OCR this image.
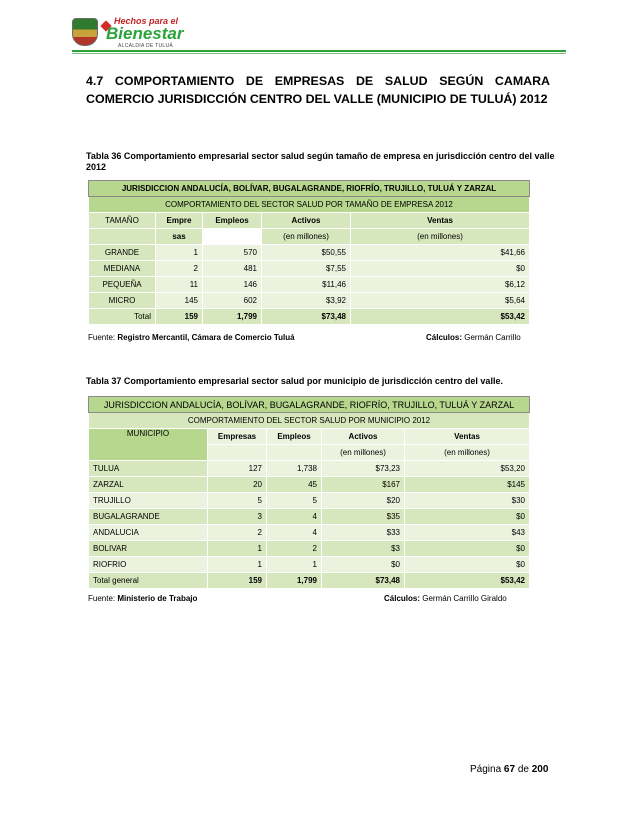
Hechos para el
Bienestar
ALCALDIA DE TULUÁ
4.7 COMPORTAMIENTO DE EMPRESAS DE SALUD SEGÚN CAMARA COMERCIO JURISDICCIÓN CENTRO DEL VALLE (MUNICIPIO DE TULUÁ) 2012
Tabla 36 Comportamiento empresarial sector salud según tamaño de empresa en jurisdicción centro del valle 2012
JURISDICCION ANDALUCÍA, BOLÍVAR, BUGALAGRANDE, RIOFRÍO, TRUJILLO, TULUÁ Y ZARZAL				
COMPORTAMIENTO DEL SECTOR SALUD POR TAMAÑO DE EMPRESA 2012				
TAMAÑO	Empre	Empleos	Activos	Ventas
	sas		(en millones)	(en millones)
GRANDE	1	570	$50,55	$41,66
MEDIANA	2	481	$7,55	$0
PEQUEÑA	11	146	$11,46	$6,12
MICRO	145	602	$3,92	$5,64
Total	159	1,799	$73,48	$53,42
Fuente: Registro Mercantil, Cámara de Comercio Tuluá	Cálculos: Germán Carrillo
Tabla 37 Comportamiento empresarial sector salud por municipio de jurisdicción centro del valle.
JURISDICCION ANDALUCÍA, BOLÍVAR, BUGALAGRANDE, RIOFRÍO, TRUJILLO, TULUÁ Y ZARZAL				
COMPORTAMIENTO DEL SECTOR SALUD POR MUNICIPIO 2012				
MUNICIPIO	Empresas	Empleos	Activos	Ventas
			(en millones)	(en millones)
TULUA	127	1,738	$73,23	$53,20
ZARZAL	20	45	$167	$145
TRUJILLO	5	5	$20	$30
BUGALAGRANDE	3	4	$35	$0
ANDALUCIA	2	4	$33	$43
BOLIVAR	1	2	$3	$0
RIOFRIO	1	1	$0	$0
Total general	159	1,799	$73,48	$53,42
Fuente: Ministerio de Trabajo	Cálculos: Germán Carrillo Giraldo
Página 67 de 200
